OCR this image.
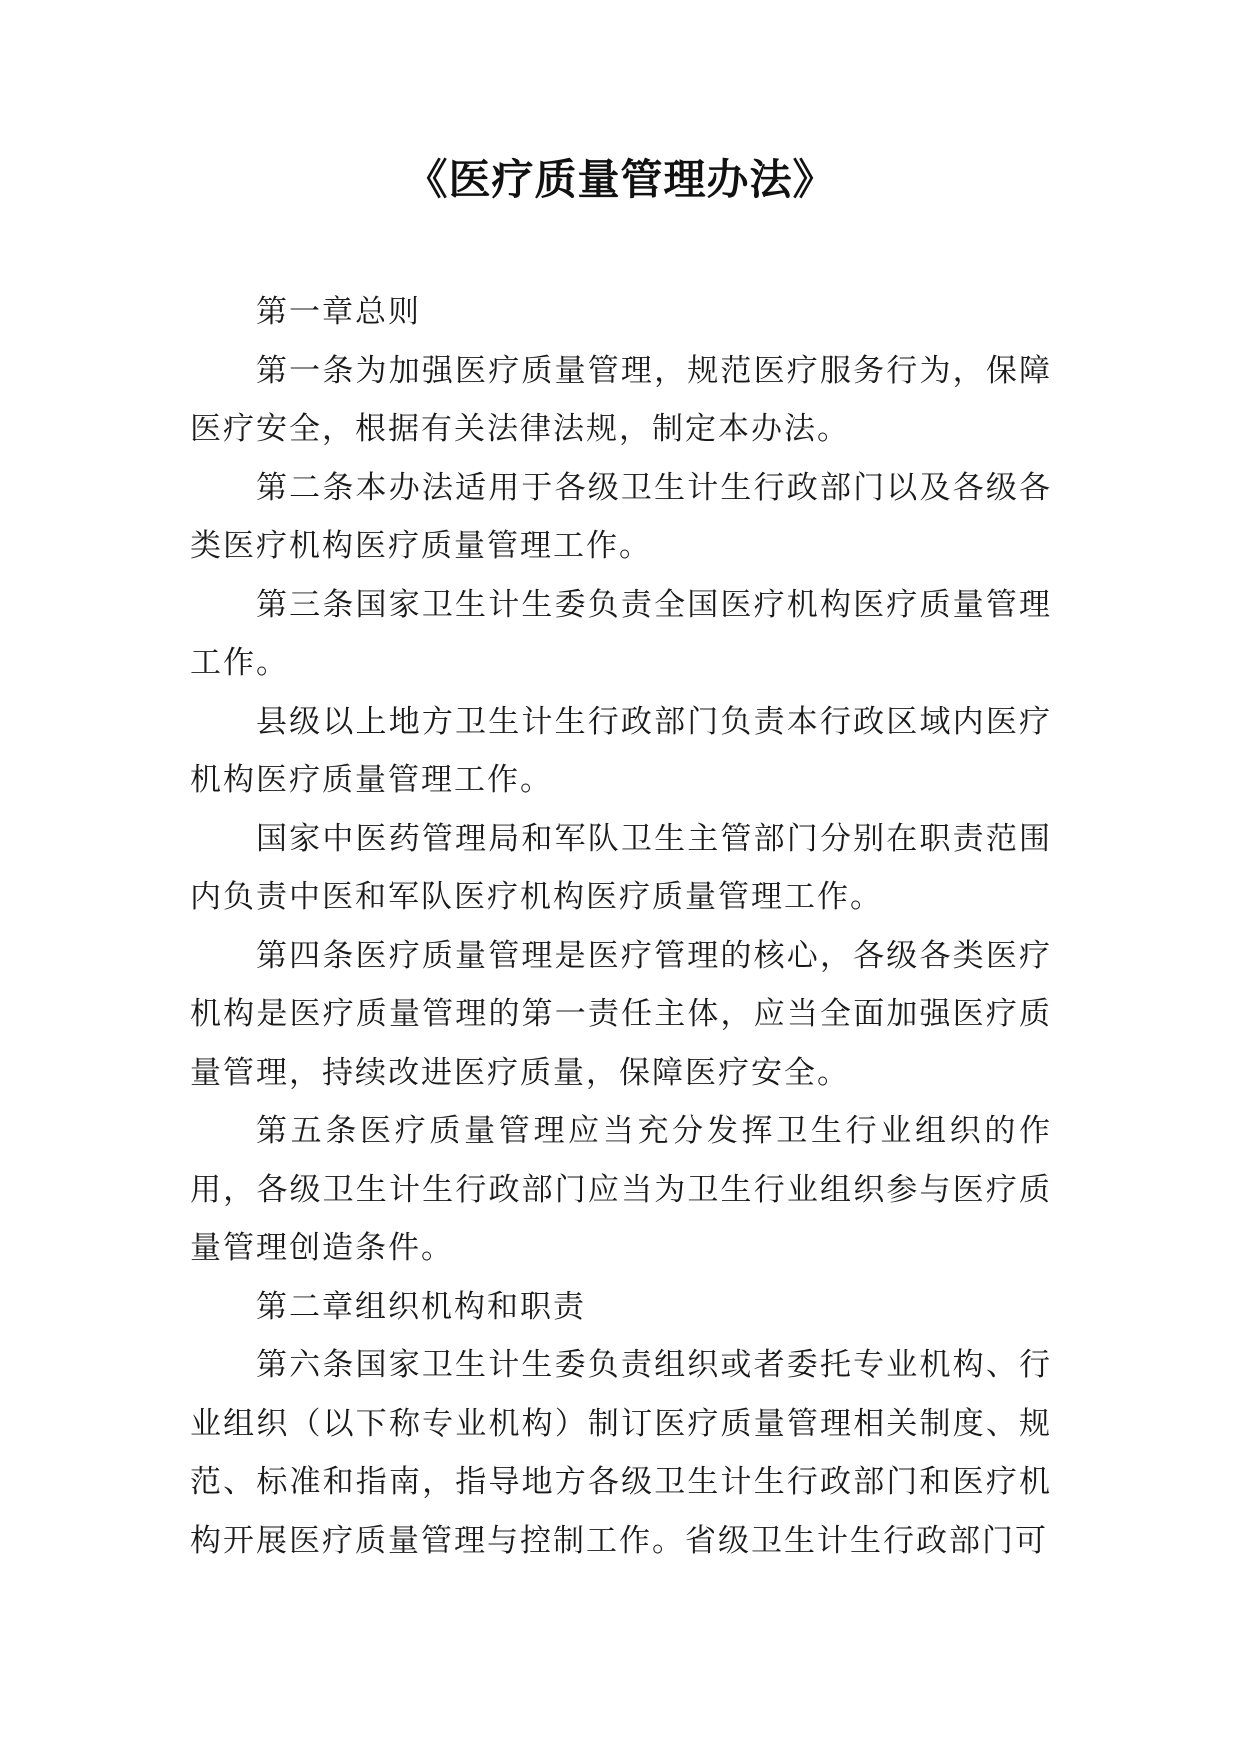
《医疗质量管理办法》

第一章总则

第一条为加强医疗质量管理，规范医疗服务行为，保障医疗安全，根据有关法律法规，制定本办法。

第二条本办法适用于各级卫生计生行政部门以及各级各类医疗机构医疗质量管理工作。

第三条国家卫生计生委负责全国医疗机构医疗质量管理工作。

县级以上地方卫生计生行政部门负责本行政区域内医疗机构医疗质量管理工作。

国家中医药管理局和军队卫生主管部门分别在职责范围内负责中医和军队医疗机构医疗质量管理工作。

第四条医疗质量管理是医疗管理的核心，各级各类医疗机构是医疗质量管理的第一责任主体，应当全面加强医疗质量管理，持续改进医疗质量，保障医疗安全。

第五条医疗质量管理应当充分发挥卫生行业组织的作用，各级卫生计生行政部门应当为卫生行业组织参与医疗质量管理创造条件。

第二章组织机构和职责

第六条国家卫生计生委负责组织或者委托专业机构、行业组织（以下称专业机构）制订医疗质量管理相关制度、规范、标准和指南，指导地方各级卫生计生行政部门和医疗机构开展医疗质量管理与控制工作。省级卫生计生行政部门可
